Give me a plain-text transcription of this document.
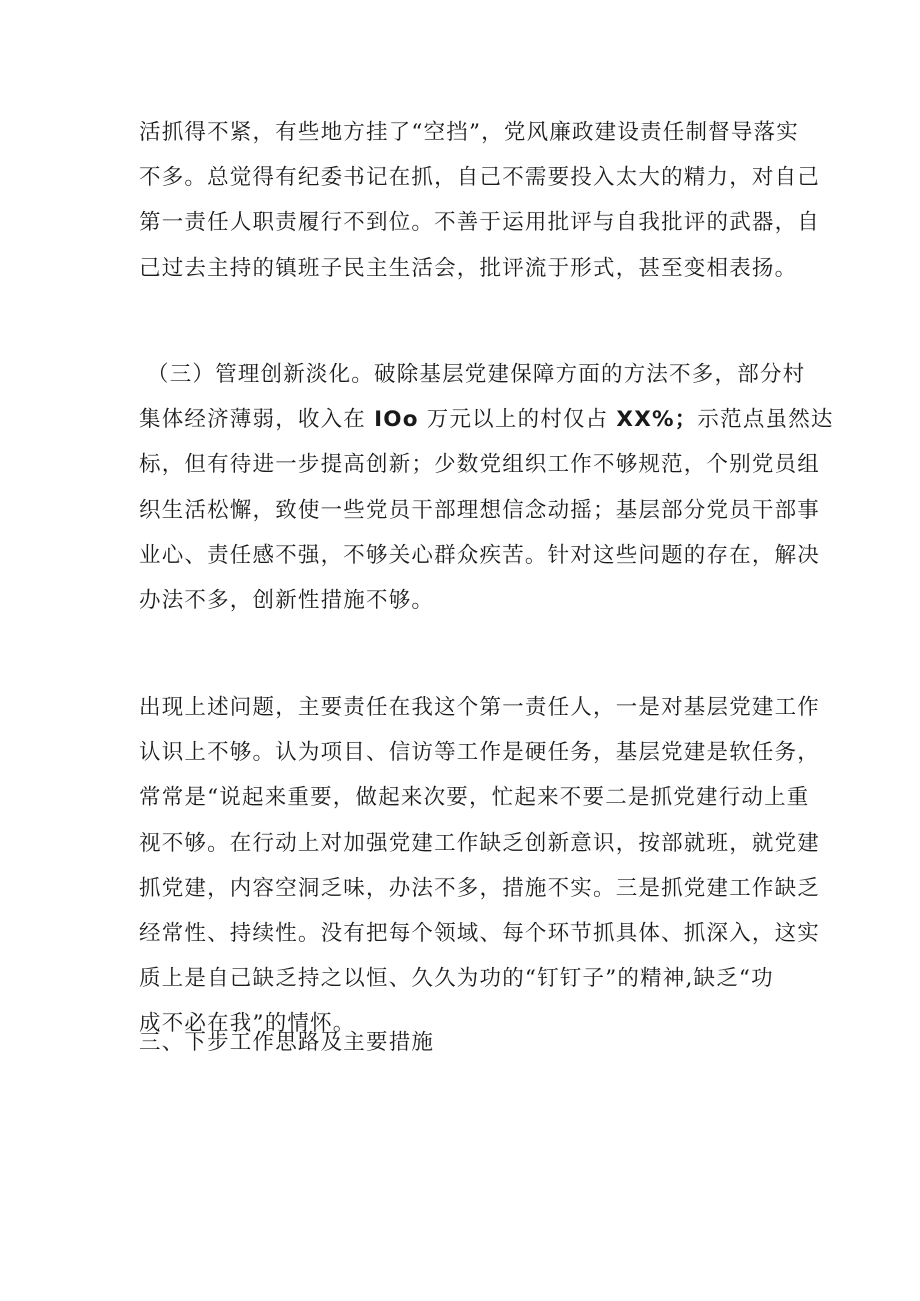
活抓得不紧，有些地方挂了“空挡”，党风廉政建设责任制督导落实
不多。总觉得有纪委书记在抓，自己不需要投入太大的精力，对自己
第一责任人职责履行不到位。不善于运用批评与自我批评的武器，自
己过去主持的镇班子民主生活会，批评流于形式，甚至变相表扬。
（三）管理创新淡化。破除基层党建保障方面的方法不多，部分村
集体经济薄弱，收入在 IOo 万元以上的村仅占 XX%；示范点虽然达
标，但有待进一步提高创新；少数党组织工作不够规范，个别党员组
织生活松懈，致使一些党员干部理想信念动摇；基层部分党员干部事
业心、责任感不强，不够关心群众疾苦。针对这些问题的存在，解决
办法不多，创新性措施不够。
出现上述问题，主要责任在我这个第一责任人，一是对基层党建工作
认识上不够。认为项目、信访等工作是硬任务，基层党建是软任务，
常常是“说起来重要，做起来次要，忙起来不要二是抓党建行动上重
视不够。在行动上对加强党建工作缺乏创新意识，按部就班，就党建
抓党建，内容空洞乏味，办法不多，措施不实。三是抓党建工作缺乏
经常性、持续性。没有把每个领域、每个环节抓具体、抓深入，这实
质上是自己缺乏持之以恒、久久为功的“钉钉子”的精神,缺乏“功
成不必在我”的情怀。
三、下步工作思路及主要措施
